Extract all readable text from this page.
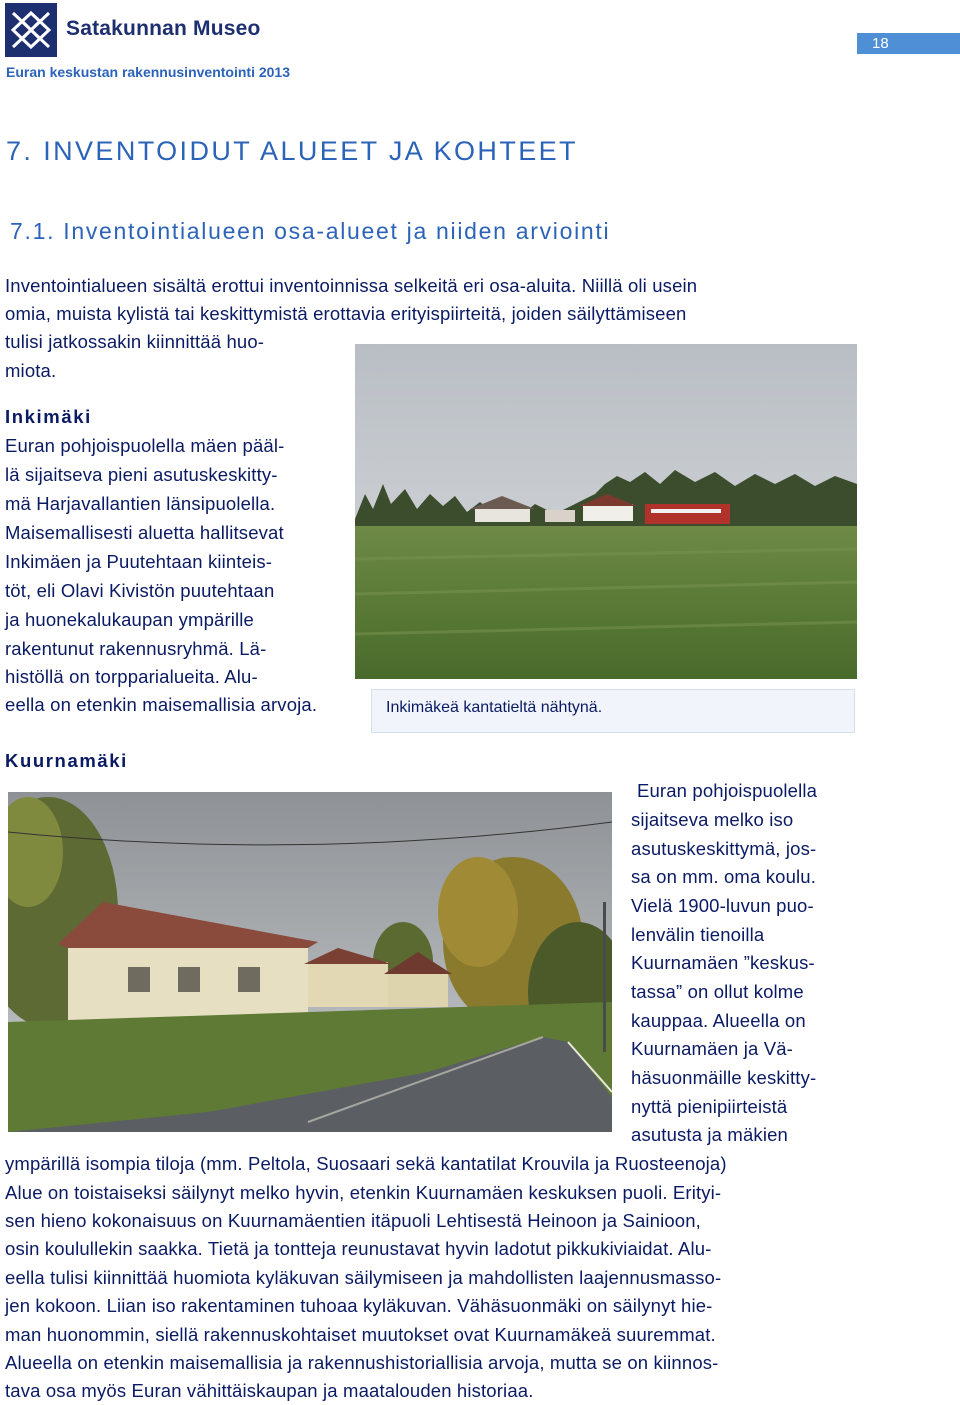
Satakunnan Museo
Euran keskustan rakennusinventointi 2013
18
7. INVENTOIDUT ALUEET JA KOHTEET
7.1. Inventointialueen osa-alueet ja niiden arviointi
Inventointialueen sisältä erottui inventoinnissa selkeitä eri osa-aluita. Niillä oli usein
omia, muista kylistä tai keskittymistä erottavia erityispiirteitä, joiden säilyttämiseen
tulisi jatkossakin kiinnittää huo-
miota.
Inkimäki
Euran pohjoispuolella mäen pääl-
lä sijaitseva pieni asutuskeskitty-
mä Harjavallantien länsipuolella.
Maisemallisesti aluetta hallitsevat
Inkimäen ja Puutehtaan kiinteis-
töt, eli Olavi Kivistön puutehtaan
ja huonekalukaupan ympärille
rakentunut rakennusryhmä. Lä-
histöllä on torpparialueita. Alu-
eella on etenkin maisemallisia arvoja.	Inkimäkeä kantatieltä nähtynä.
Kuurnamäki
Euran pohjoispuolella
sijaitseva melko iso
asutuskeskittymä, jos-
sa on mm. oma koulu.
Vielä 1900-luvun puo-
lenvälin tienoilla
Kuurnamäen ”keskus-
tassa” on ollut kolme
kauppaa. Alueella on
Kuurnamäen ja Vä-
häsuonmäille keskitty-
nyttä pienipiirteistä
asutusta ja mäkien
ympärillä isompia tiloja (mm. Peltola, Suosaari sekä kantatilat Krouvila ja Ruosteenoja)
Alue on toistaiseksi säilynyt melko hyvin, etenkin Kuurnamäen keskuksen puoli. Erityi-
sen hieno kokonaisuus on Kuurnamäentien itäpuoli Lehtisestä Heinoon ja Sainioon,
osin koulullekin saakka. Tietä ja tontteja reunustavat hyvin ladotut pikkukiviaidat. Alu-
eella tulisi kiinnittää huomiota kyläkuvan säilymiseen ja mahdollisten laajennusmasso-
jen kokoon. Liian iso rakentaminen tuhoaa kyläkuvan. Vähäsuonmäki on säilynyt hie-
man huonommin, siellä rakennuskohtaiset muutokset ovat Kuurnamäkeä suuremmat.
Alueella on etenkin maisemallisia ja rakennushistoriallisia arvoja, mutta se on kiinnos-
tava osa myös Euran vähittäiskaupan ja maatalouden historiaa.
